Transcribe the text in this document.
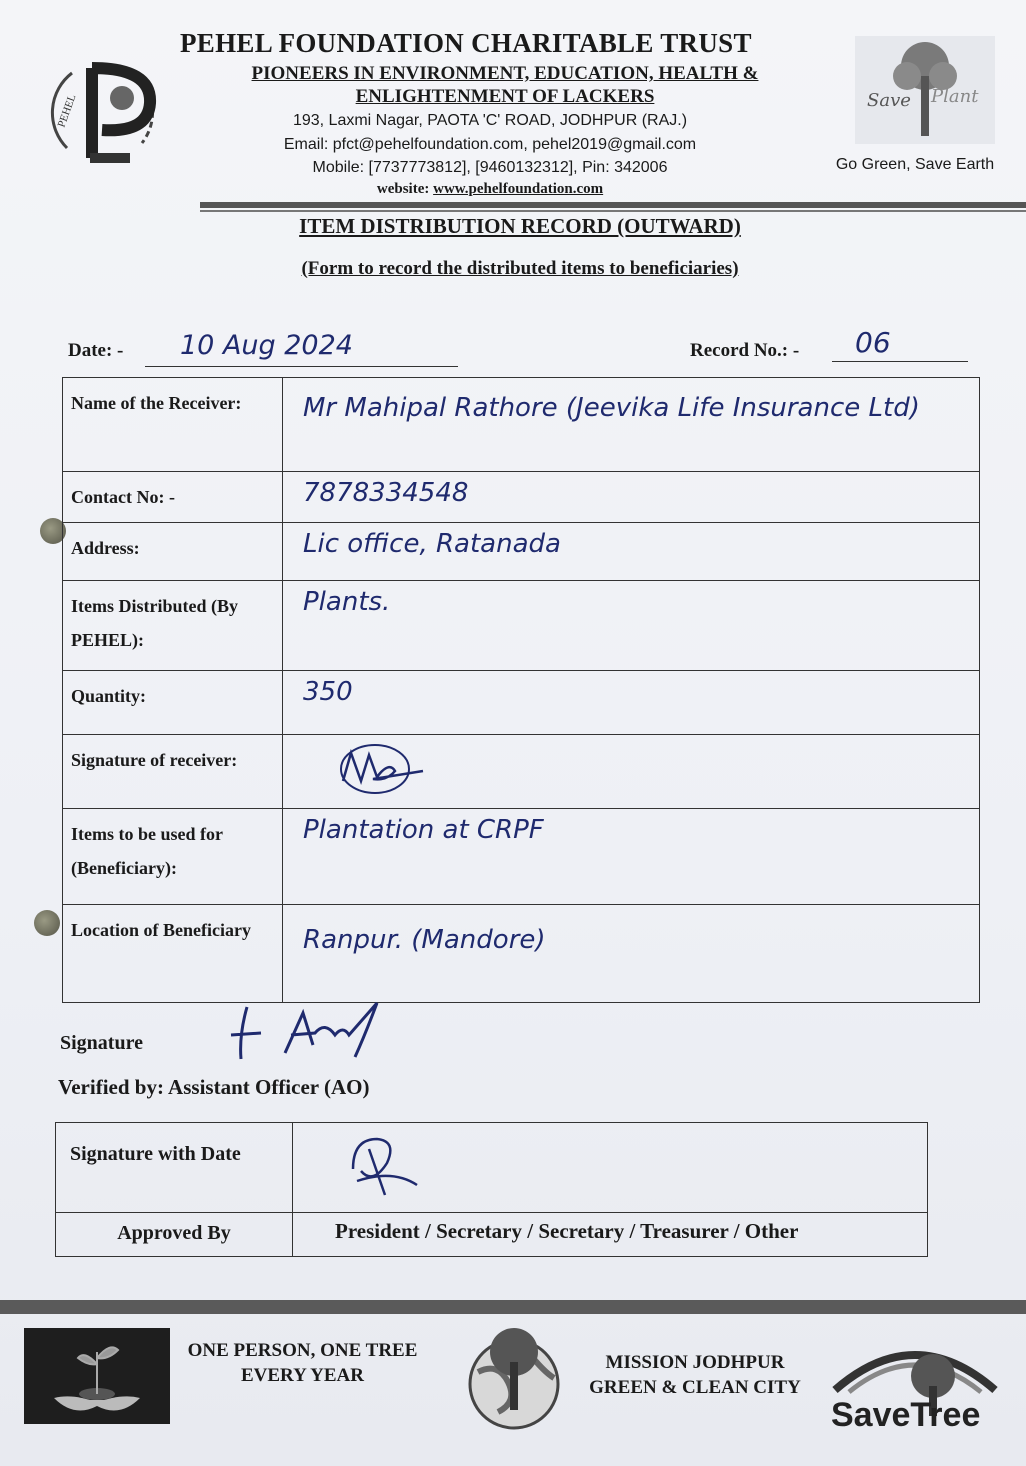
PEHEL
PEHEL FOUNDATION CHARITABLE TRUST
PIONEERS IN ENVIRONMENT, EDUCATION, HEALTH &
ENLIGHTENMENT OF LACKERS
193, Laxmi Nagar, PAOTA 'C' ROAD, JODHPUR (RAJ.)
Email: pfct@pehelfoundation.com, pehel2019@gmail.com
Mobile: [7737773812], [9460132312], Pin: 342006
website: www.pehelfoundation.com
Save Plant
Go Green, Save Earth
ITEM DISTRIBUTION RECORD (OUTWARD)
(Form to record the distributed items to beneficiaries)
Date: - 10 Aug 2024	Record No.: - 06
Name of the Receiver:	Mr Mahipal Rathore (Jeevika Life Insurance Ltd)
Contact No: -	7878334548
Address:	Lic office, Ratanada
Items Distributed (By PEHEL):	Plants.
Quantity:	350
Signature of receiver:	
Items to be used for (Beneficiary):	Plantation at CRPF
Location of Beneficiary	Ranpur. (Mandore)
Signature
Verified by: Assistant Officer (AO)
Signature with Date	
Approved By	President / Secretary / Secretary / Treasurer / Other
ONE PERSON, ONE TREE
EVERY YEAR
MISSION JODHPUR
GREEN & CLEAN CITY
SaveTree
